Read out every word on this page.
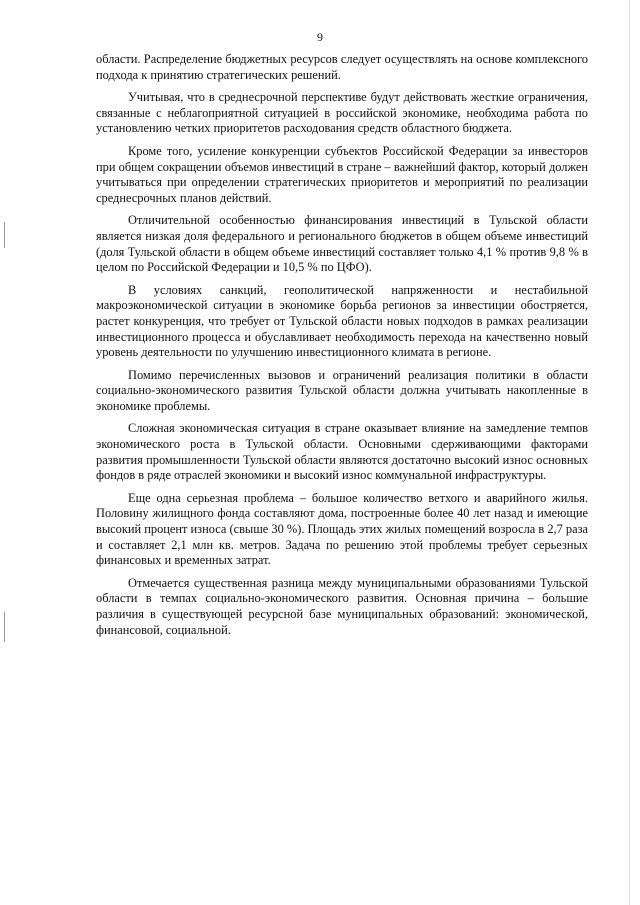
9

области. Распределение бюджетных ресурсов следует осуществлять на основе комплексного подхода к принятию стратегических решений.

Учитывая, что в среднесрочной перспективе будут действовать жесткие ограничения, связанные с неблагоприятной ситуацией в российской экономике, необходима работа по установлению четких приоритетов расходования средств областного бюджета.

Кроме того, усиление конкуренции субъектов Российской Федерации за инвесторов при общем сокращении объемов инвестиций в стране – важнейший фактор, который должен учитываться при определении стратегических приоритетов и мероприятий по реализации среднесрочных планов действий.

Отличительной особенностью финансирования инвестиций в Тульской области является низкая доля федерального и регионального бюджетов в общем объеме инвестиций (доля Тульской области в общем объеме инвестиций составляет только 4,1 % против 9,8 % в целом по Российской Федерации и 10,5 % по ЦФО).

В условиях санкций, геополитической напряженности и нестабильной макроэкономической ситуации в экономике борьба регионов за инвестиции обостряется, растет конкуренция, что требует от Тульской области новых подходов в рамках реализации инвестиционного процесса и обуславливает необходимость перехода на качественно новый уровень деятельности по улучшению инвестиционного климата в регионе.

Помимо перечисленных вызовов и ограничений реализация политики в области социально-экономического развития Тульской области должна учитывать накопленные в экономике проблемы.

Сложная экономическая ситуация в стране оказывает влияние на замедление темпов экономического роста в Тульской области. Основными сдерживающими факторами развития промышленности Тульской области являются достаточно высокий износ основных фондов в ряде отраслей экономики и высокий износ коммунальной инфраструктуры.

Еще одна серьезная проблема – большое количество ветхого и аварийного жилья. Половину жилищного фонда составляют дома, построенные более 40 лет назад и имеющие высокий процент износа (свыше 30 %). Площадь этих жилых помещений возросла в 2,7 раза и составляет 2,1 млн кв. метров. Задача по решению этой проблемы требует серьезных финансовых и временных затрат.

Отмечается существенная разница между муниципальными образованиями Тульской области в темпах социально-экономического развития. Основная причина – большие различия в существующей ресурсной базе муниципальных образований: экономической, финансовой, социальной.
